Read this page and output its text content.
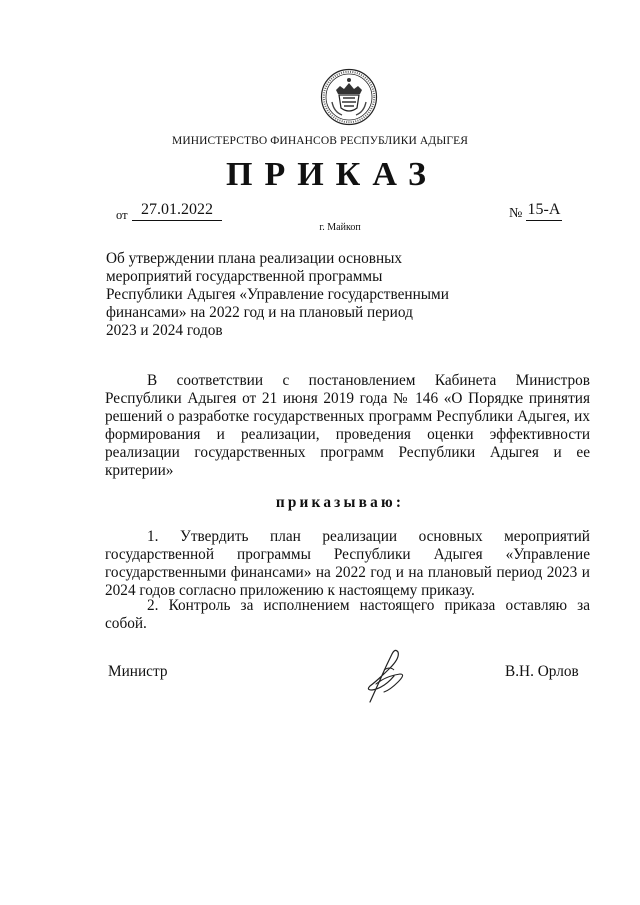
МИНИСТЕРСТВО ФИНАНСОВ РЕСПУБЛИКИ АДЫГЕЯ
ПРИКАЗ
от 27.01.2022
г. Майкоп
№ 15-А
Об утверждении плана реализации основных
мероприятий государственной программы
Республики Адыгея «Управление государственными
финансами» на 2022 год и на плановый период
2023 и 2024 годов
В соответствии с постановлением Кабинета Министров Республики Адыгея от 21 июня 2019 года № 146 «О Порядке принятия решений о разработке государственных программ Республики Адыгея, их формирования и реализации, проведения оценки эффективности реализации государственных программ Республики Адыгея и ее критерии»
приказываю:
1. Утвердить план реализации основных мероприятий государственной программы Республики Адыгея «Управление государственными финансами» на 2022 год и на плановый период 2023 и 2024 годов согласно приложению к настоящему приказу.
2. Контроль за исполнением настоящего приказа оставляю за собой.
Министр	В.Н. Орлов
